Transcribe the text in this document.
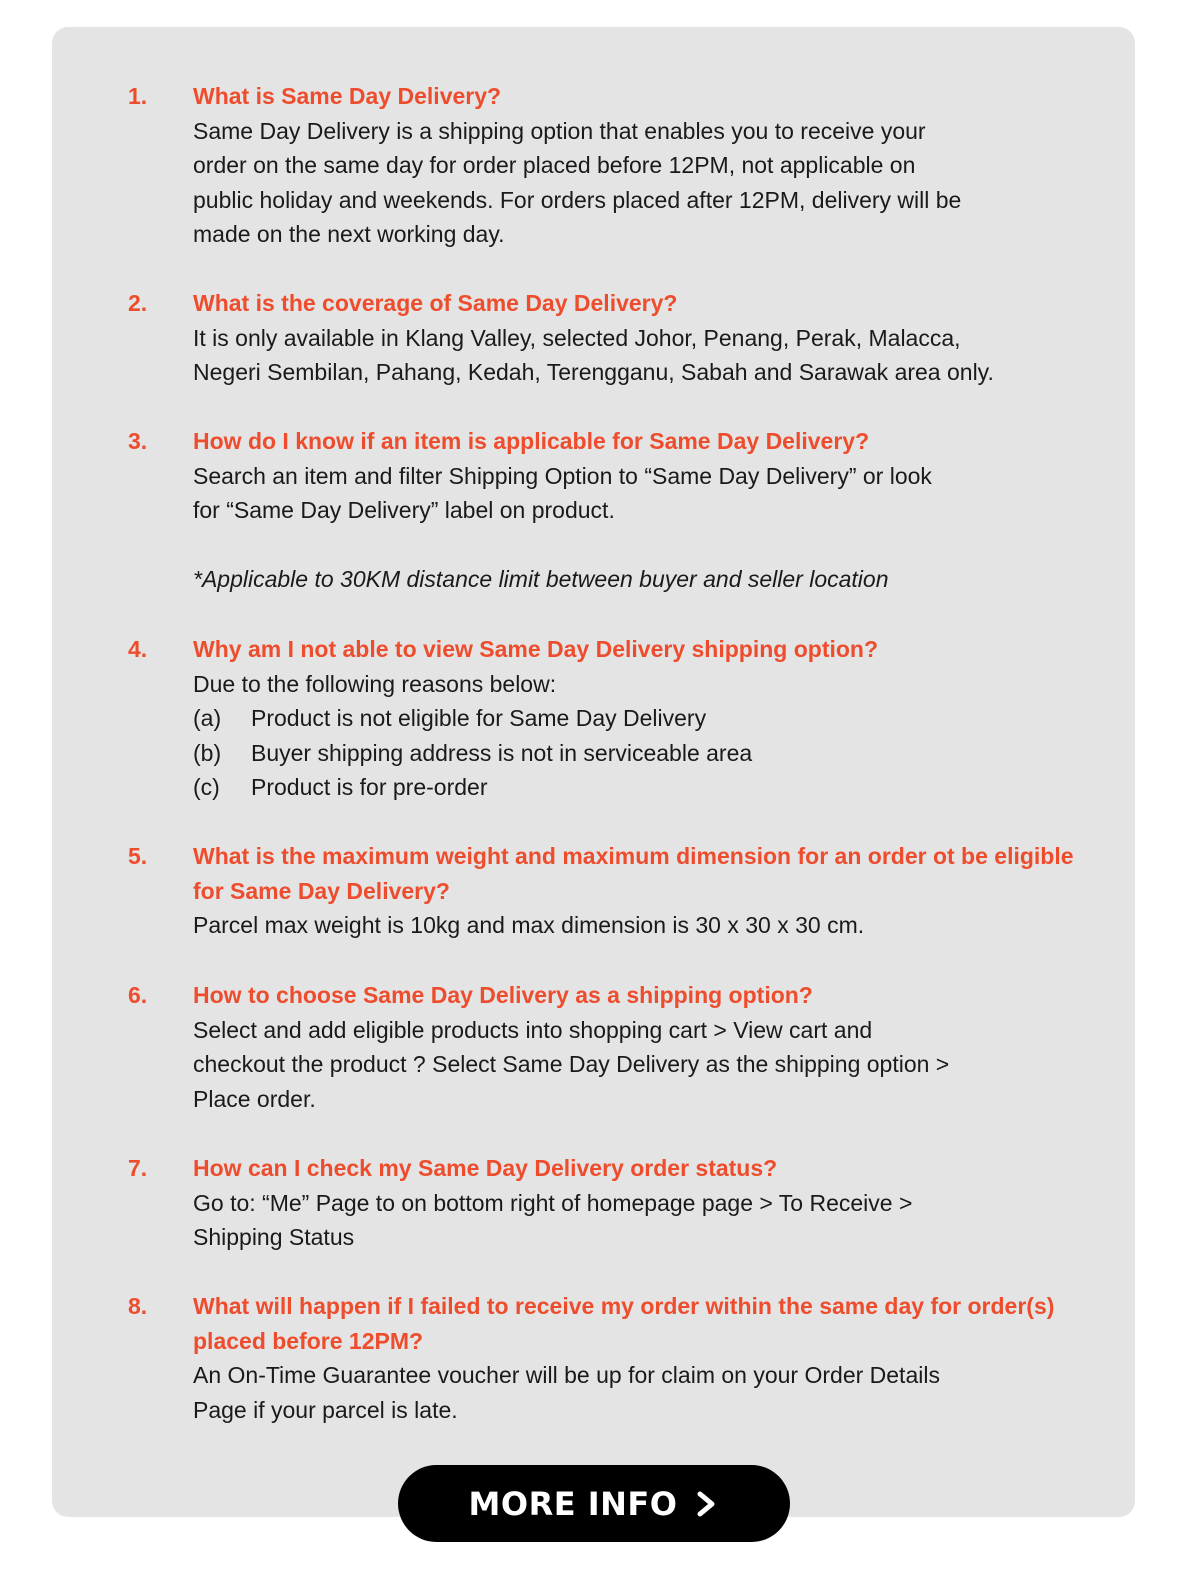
1. What is Same Day Delivery?

Same Day Delivery is a shipping option that enables you to receive your

order on the same day for order placed before 12PM, not applicable on

public holiday and weekends. For orders placed after 12PM, delivery will be

made on the next working day.

2. What is the coverage of Same Day Delivery?

It is only available in Klang Valley, selected Johor, Penang, Perak, Malacca,

Negeri Sembilan, Pahang, Kedah, Terengganu, Sabah and Sarawak area only.

3. How do I know if an item is applicable for Same Day Delivery?

Search an item and filter Shipping Option to “Same Day Delivery” or look

for “Same Day Delivery” label on product.

*Applicable to 30KM distance limit between buyer and seller location

4. Why am I not able to view Same Day Delivery shipping option?

Due to the following reasons below:

(a)	Product is not eligible for Same Day Delivery
(b)	Buyer shipping address is not in serviceable area
(c)	Product is for pre-order
5. What is the maximum weight and maximum dimension for an order ot be eligible for Same Day Delivery?

Parcel max weight is 10kg and max dimension is 30 x 30 x 30 cm.

6. How to choose Same Day Delivery as a shipping option?

Select and add eligible products into shopping cart > View cart and

checkout the product ? Select Same Day Delivery as the shipping option >

Place order.

7. How can I check my Same Day Delivery order status?

Go to: “Me” Page to on bottom right of homepage page > To Receive >

Shipping Status

8. What will happen if I failed to receive my order within the same day for order(s) placed before 12PM?

An On-Time Guarantee voucher will be up for claim on your Order Details

Page if your parcel is late.

MORE INFO
